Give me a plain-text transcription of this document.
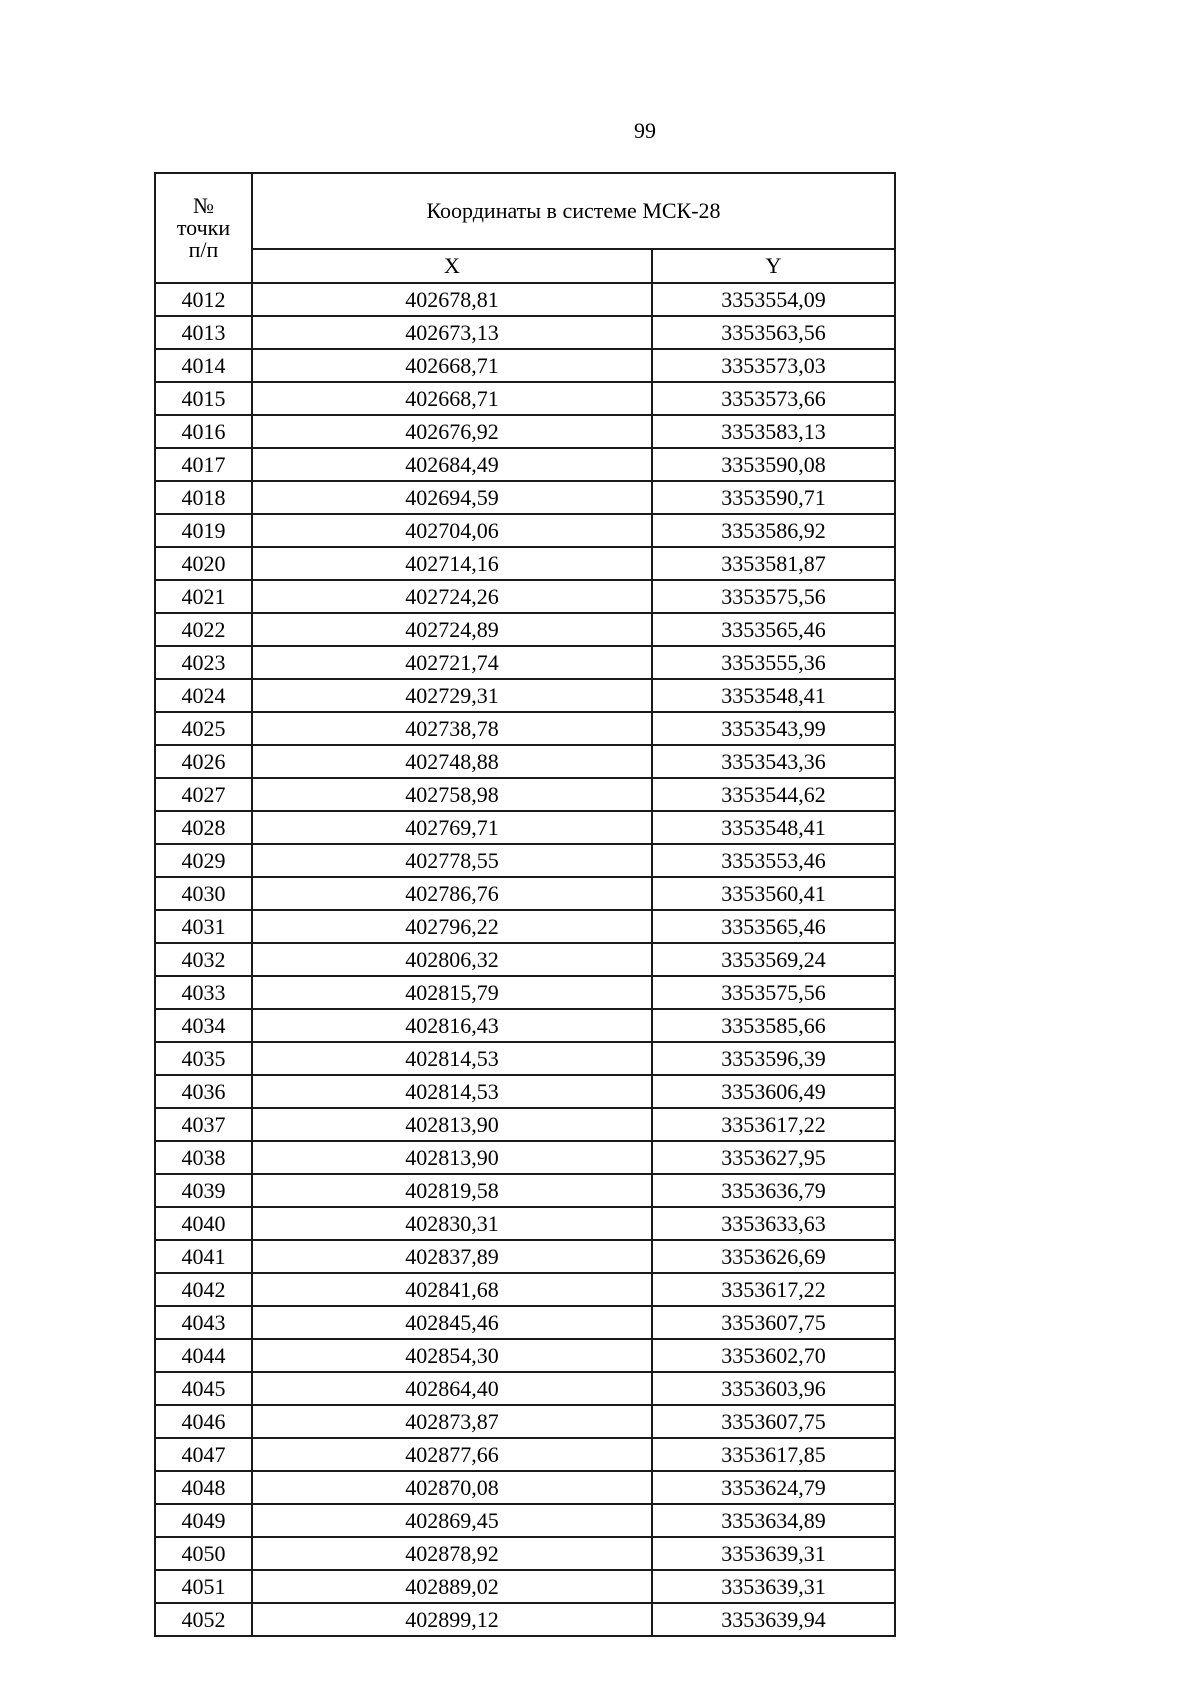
99
№
точки
п/п	Координаты в системе МСК-28	
	X	Y
4012	402678,81	3353554,09
4013	402673,13	3353563,56
4014	402668,71	3353573,03
4015	402668,71	3353573,66
4016	402676,92	3353583,13
4017	402684,49	3353590,08
4018	402694,59	3353590,71
4019	402704,06	3353586,92
4020	402714,16	3353581,87
4021	402724,26	3353575,56
4022	402724,89	3353565,46
4023	402721,74	3353555,36
4024	402729,31	3353548,41
4025	402738,78	3353543,99
4026	402748,88	3353543,36
4027	402758,98	3353544,62
4028	402769,71	3353548,41
4029	402778,55	3353553,46
4030	402786,76	3353560,41
4031	402796,22	3353565,46
4032	402806,32	3353569,24
4033	402815,79	3353575,56
4034	402816,43	3353585,66
4035	402814,53	3353596,39
4036	402814,53	3353606,49
4037	402813,90	3353617,22
4038	402813,90	3353627,95
4039	402819,58	3353636,79
4040	402830,31	3353633,63
4041	402837,89	3353626,69
4042	402841,68	3353617,22
4043	402845,46	3353607,75
4044	402854,30	3353602,70
4045	402864,40	3353603,96
4046	402873,87	3353607,75
4047	402877,66	3353617,85
4048	402870,08	3353624,79
4049	402869,45	3353634,89
4050	402878,92	3353639,31
4051	402889,02	3353639,31
4052	402899,12	3353639,94
